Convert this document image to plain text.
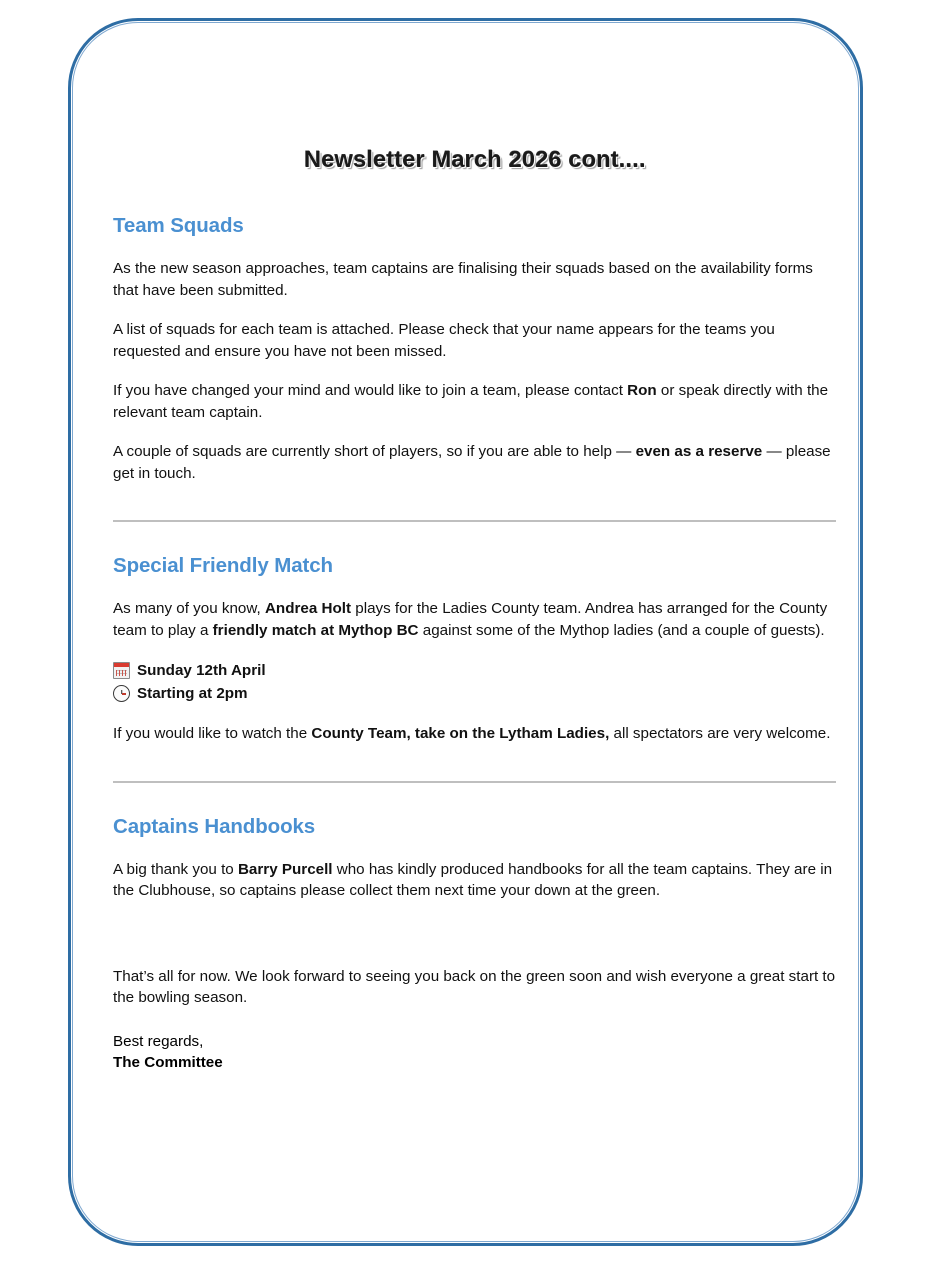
Newsletter March 2026 cont....
Team Squads

As the new season approaches, team captains are finalising their squads based on the availability forms that have been submitted.

A list of squads for each team is attached. Please check that your name appears for the teams you requested and ensure you have not been missed.

If you have changed your mind and would like to join a team, please contact Ron or speak directly with the relevant team captain.

A couple of squads are currently short of players, so if you are able to help — even as a reserve — please get in touch.

Special Friendly Match

As many of you know, Andrea Holt plays for the Ladies County team. Andrea has arranged for the County team to play a friendly match at Mythop BC against some of the Mythop ladies (and a couple of guests).

Sunday 12th April
Starting at 2pm

If you would like to watch the County Team, take on the Lytham Ladies, all spectators are very welcome.

Captains Handbooks

A big thank you to Barry Purcell who has kindly produced handbooks for all the team captains. They are in the Clubhouse, so captains please collect them next time your down at the green.

That’s all for now. We look forward to seeing you back on the green soon and wish everyone a great start to the bowling season.

Best regards,
The Committee
